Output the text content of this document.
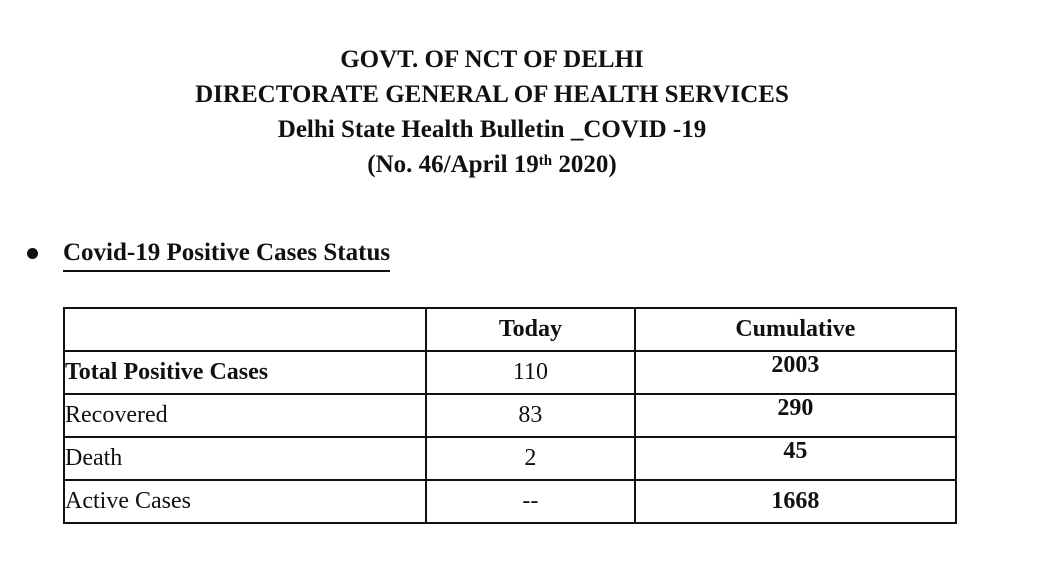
GOVT. OF NCT OF DELHI
DIRECTORATE GENERAL OF HEALTH SERVICES
Delhi State Health Bulletin _COVID -19
(No. 46/April 19th 2020)
Covid-19 Positive Cases Status
	Today	Cumulative
Total Positive Cases	110	2003
Recovered	83	290
Death	2	45
Active Cases	--	1668
